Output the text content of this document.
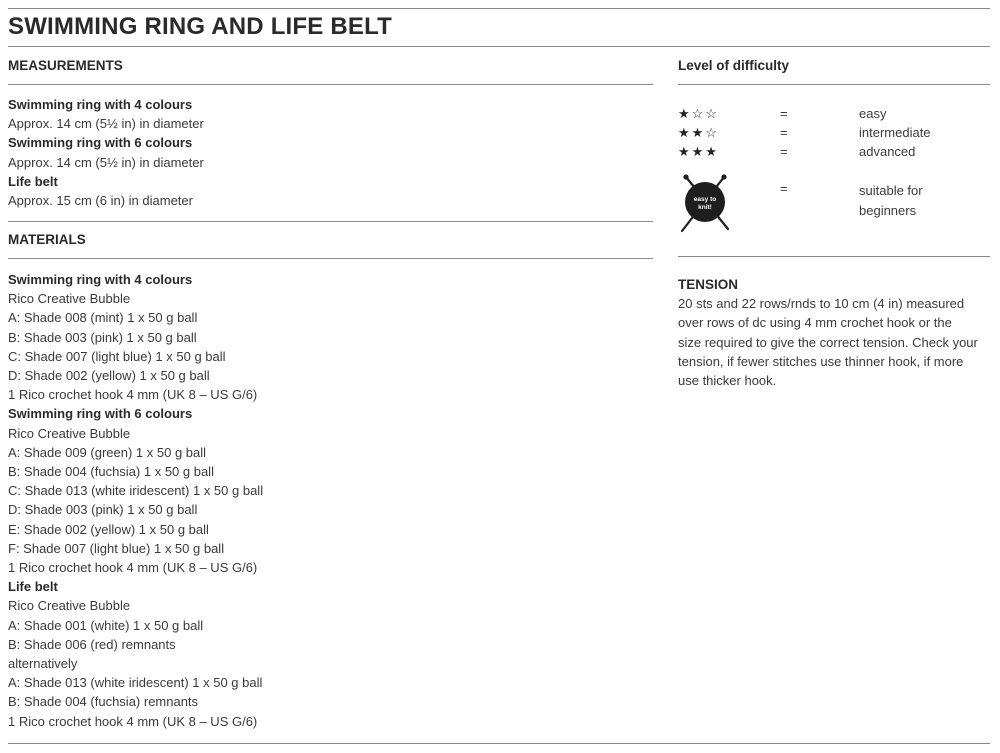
SWIMMING RING AND LIFE BELT
MEASUREMENTS
Swimming ring with 4 colours
Approx. 14 cm (5½ in) in diameter
Swimming ring with 6 colours
Approx. 14 cm (5½ in) in diameter
Life belt
Approx. 15 cm (6 in) in diameter
MATERIALS
Swimming ring with 4 colours
Rico Creative Bubble
A: Shade 008 (mint) 1 x 50 g ball
B: Shade 003 (pink) 1 x 50 g ball
C: Shade 007 (light blue) 1 x 50 g ball
D: Shade 002 (yellow) 1 x 50 g ball
1 Rico crochet hook 4 mm (UK 8 – US G/6)
Swimming ring with 6 colours
Rico Creative Bubble
A: Shade 009 (green) 1 x 50 g ball
B: Shade 004 (fuchsia) 1 x 50 g ball
C: Shade 013 (white iridescent) 1 x 50 g ball
D: Shade 003 (pink) 1 x 50 g ball
E: Shade 002 (yellow) 1 x 50 g ball
F: Shade 007 (light blue) 1 x 50 g ball
1 Rico crochet hook 4 mm (UK 8 – US G/6)
Life belt
Rico Creative Bubble
A: Shade 001 (white) 1 x 50 g ball
B: Shade 006 (red) remnants
alternatively
A: Shade 013 (white iridescent) 1 x 50 g ball
B: Shade 004 (fuchsia) remnants
1 Rico crochet hook 4 mm (UK 8 – US G/6)
Level of difficulty
★☆☆	=	easy
★★☆	=	intermediate
★★★	=	advanced
easy to
knit!
=	suitable for beginners
TENSION
20 sts and 22 rows/rnds to 10 cm (4 in) measured over rows of dc using 4 mm crochet hook or the size required to give the correct tension. Check your tension, if fewer stitches use thinner hook, if more use thicker hook.
